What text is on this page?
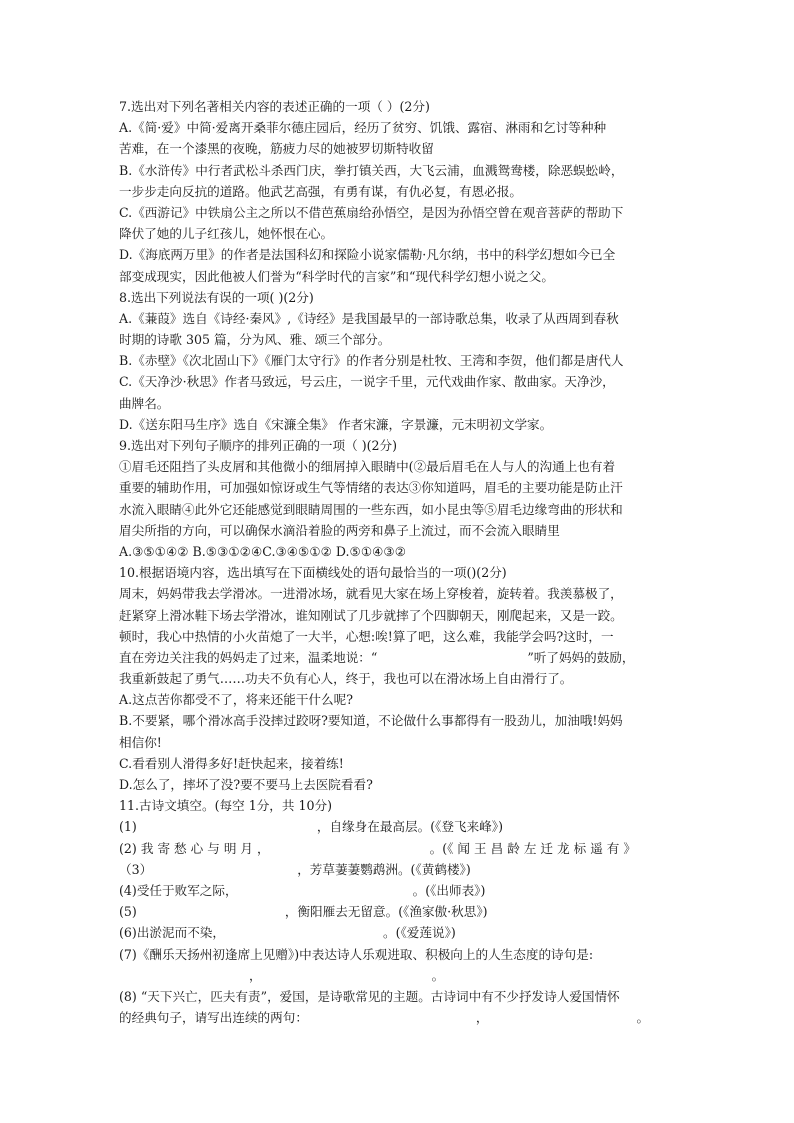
7.选出对下列名著相关内容的表述正确的一项（ ）(2分)
A.《简·爱》中简·爱离开桑菲尔德庄园后，经历了贫穷、饥饿、露宿、淋雨和乞讨等种种
苦难，在一个漆黑的夜晚，筋疲力尽的她被罗切斯特收留
B.《水浒传》中行者武松斗杀西门庆，拳打镇关西，大飞云浦，血溅鸳鸯楼，除恶蜈蚣岭，
一步步走向反抗的道路。他武艺高强，有勇有谋，有仇必复，有恩必报。
C.《西游记》中铁扇公主之所以不借芭蕉扇给孙悟空，是因为孙悟空曾在观音菩萨的帮助下
降伏了她的儿子红孩儿，她怀恨在心。
D.《海底两万里》的作者是法国科幻和探险小说家儒勒·凡尔纳，书中的科学幻想如今已全
部变成现实，因此他被人们誉为“科学时代的言家”和“现代科学幻想小说之父。
8.选出下列说法有误的一项( )(2分)
A.《蒹葭》选自《诗经·秦风》,《诗经》是我国最早的一部诗歌总集，收录了从西周到春秋
时期的诗歌 305 篇，分为风、雅、颂三个部分。
B.《赤壁》《次北固山下》《雁门太守行》的作者分别是杜牧、王湾和李贺，他们都是唐代人
C.《天净沙·秋思》作者马致远，号云庄，一说字千里，元代戏曲作家、散曲家。天净沙，
曲牌名。
D.《送东阳马生序》选自《宋濂全集》 作者宋濂，字景濂，元末明初文学家。
9.选出对下列句子顺序的排列正确的一项（ )(2分)
①眉毛还阻挡了头皮屑和其他微小的细屑掉入眼睛中(②最后眉毛在人与人的沟通上也有着
重要的辅助作用，可加强如惊讶或生气等情绪的表达③你知道吗，眉毛的主要功能是防止汗
水流入眼睛④此外它还能感觉到眼睛周围的一些东西，如小昆虫等⑤眉毛边缘弯曲的形状和
眉尖所指的方向，可以确保水滴沿着脸的两旁和鼻子上流过，而不会流入眼睛里
A.③⑤①④② B.⑤③①②④C.③④⑤①② D.⑤①④③②
10.根据语境内容，选出填写在下面横线处的语句最恰当的一项()(2分)
周末，妈妈带我去学滑冰。一进滑冰场，就看见大家在场上穿梭着，旋转着。我羡慕极了，
赶紧穿上滑冰鞋下场去学滑冰，谁知刚试了几步就摔了个四脚朝天，刚爬起来，又是一跤。
顿时，我心中热情的小火苗熄了一大半，心想:唉!算了吧，这么难，我能学会吗?这时，一
直在旁边关注我的妈妈走了过来，温柔地说：“	”听了妈妈的鼓励，
我重新鼓起了勇气……功夫不负有心人，终于，我也可以在滑冰场上自由滑行了。
A.这点苦你都受不了，将来还能干什么呢?
B.不要紧，哪个滑冰高手没摔过跤呀?要知道，不论做什么事都得有一股劲儿，加油哦!妈妈
相信你!
C.看看别人滑得多好!赶快起来，接着练!
D.怎么了，摔坏了没?要不要马上去医院看看?
11.古诗文填空。(每空 1分，共 10分)
(1)	，自缘身在最高层。(《登飞来峰》)
(2) 我 寄 愁 心 与 明 月 ，	。(《 闻 王 昌 龄 左 迁 龙 标 遥 有 》
（3）	，芳草萋萋鹦鹉洲。(《黄鹤楼》)
(4)受任于败军之际，	。(《出师表》)
(5)	，衡阳雁去无留意。(《渔家傲·秋思》)
(6)出淤泥而不染，	。(《爱莲说》)
(7)《酬乐天扬州初逢席上见赠》)中表达诗人乐观进取、积极向上的人生态度的诗句是:
，	。
(8) “天下兴亡，匹夫有责”，爱国，是诗歌常见的主题。古诗词中有不少抒发诗人爱国情怀
的经典句子，请写出连续的两句：	，	。
